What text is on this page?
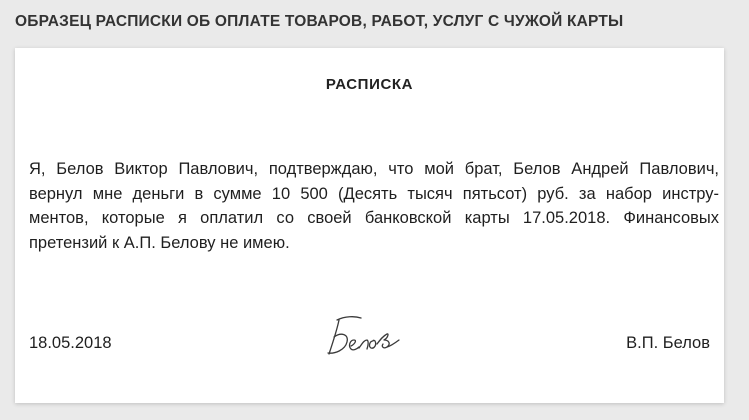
ОБРАЗЕЦ РАСПИСКИ ОБ ОПЛАТЕ ТОВАРОВ, РАБОТ, УСЛУГ С ЧУЖОЙ КАРТЫ
РАСПИСКА
Я, Белов Виктор Павлович, подтверждаю, что мой брат, Белов Андрей Павлович,
вернул мне деньги в сумме 10 500 (Десять тысяч пятьсот) руб. за набор инстру-
ментов, которые я оплатил со своей банковской карты 17.05.2018. Финансовых
претензий к А.П. Белову не имею.
18.05.2018	В.П. Белов
